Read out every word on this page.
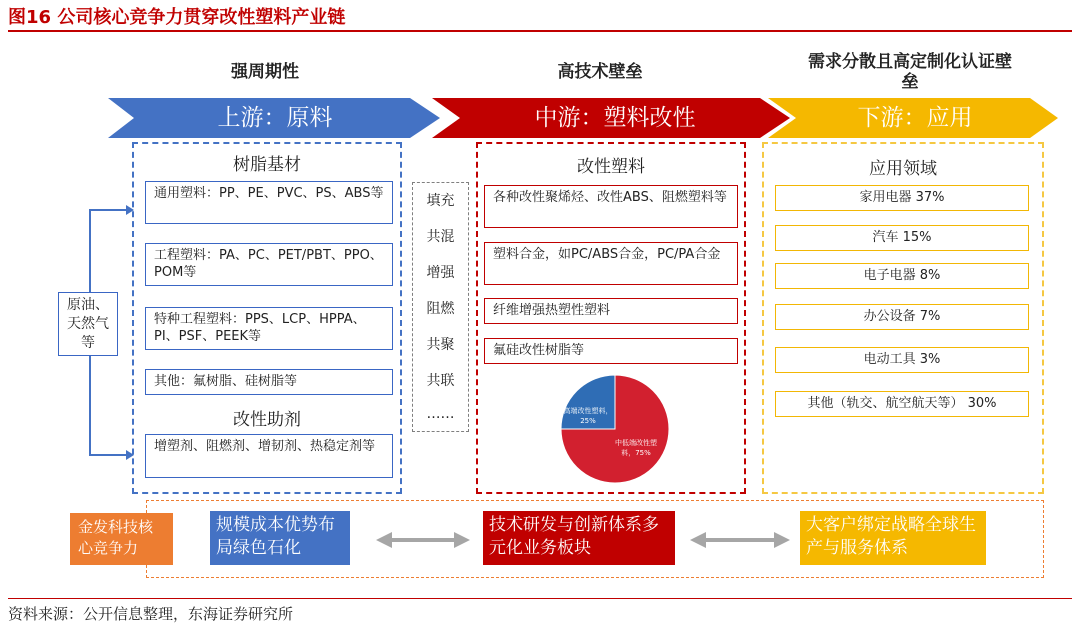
图16 公司核心竞争力贯穿改性塑料产业链
强周期性	高技术壁垒	需求分散且高定制化认证壁垒
上游：原料	中游：塑料改性	下游：应用
原油、天然气等
树脂基材
通用塑料：PP、PE、PVC、PS、ABS等
工程塑料：PA、PC、PET/PBT、PPO、POM等
特种工程塑料：PPS、LCP、HPPA、PI、PSF、PEEK等
其他：氟树脂、硅树脂等
改性助剂
增塑剂、阻燃剂、增韧剂、热稳定剂等
填充
共混
增强
阻燃
共聚
共联
……
改性塑料
各种改性聚烯烃、改性ABS、阻燃塑料等
塑料合金，如PC/ABS合金，PC/PA合金
纤维增强热塑性塑料
氟硅改性树脂等
高端改性塑料，25%
中低端改性塑料，75%
应用领域
家用电器 37%
汽车 15%
电子电器 8%
办公设备 7%
电动工具 3%
其他（轨交、航空航天等） 30%
金发科技核心竞争力
规模成本优势布局绿色石化
技术研发与创新体系多元化业务板块
大客户绑定战略全球生产与服务体系
资料来源：公开信息整理，东海证券研究所
